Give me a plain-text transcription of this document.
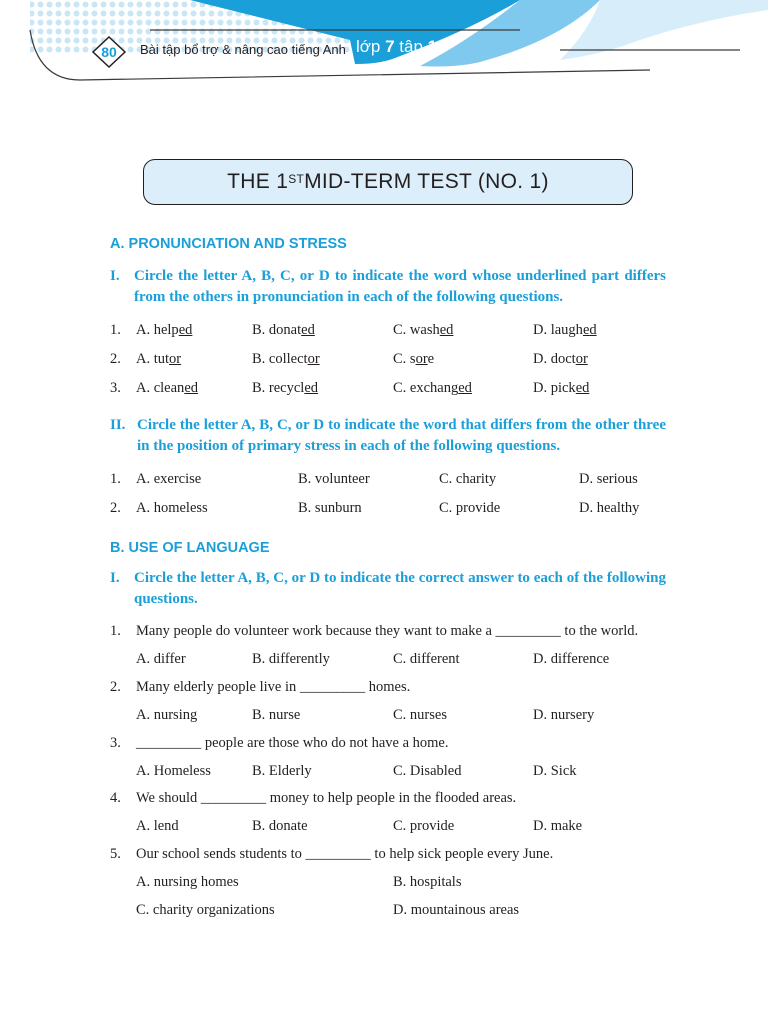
80	Bài tập bổ trợ & nâng cao tiếng Anh lớp 7 tập 1
THE 1ST MID-TERM TEST (NO. 1)
A. PRONUNCIATION AND STRESS
I. Circle the letter A, B, C, or D to indicate the word whose underlined part differs from the others in pronunciation in each of the following questions.
1. A. helped	B. donated	C. washed	D. laughed
2. A. tutor	B. collector	C. sore	D. doctor
3. A. cleaned	B. recycled	C. exchanged	D. picked
II. Circle the letter A, B, C, or D to indicate the word that differs from the other three in the position of primary stress in each of the following questions.
1. A. exercise	B. volunteer	C. charity	D. serious
2. A. homeless	B. sunburn	C. provide	D. healthy
B. USE OF LANGUAGE
I. Circle the letter A, B, C, or D to indicate the correct answer to each of the following questions.
1. Many people do volunteer work because they want to make a _________ to the world.
A. differ	B. differently	C. different	D. difference
2. Many elderly people live in _________ homes.
A. nursing	B. nurse	C. nurses	D. nursery
3. _________ people are those who do not have a home.
A. Homeless	B. Elderly	C. Disabled	D. Sick
4. We should _________ money to help people in the flooded areas.
A. lend	B. donate	C. provide	D. make
5. Our school sends students to _________ to help sick people every June.
A. nursing homes	B. hospitals
C. charity organizations	D. mountainous areas
